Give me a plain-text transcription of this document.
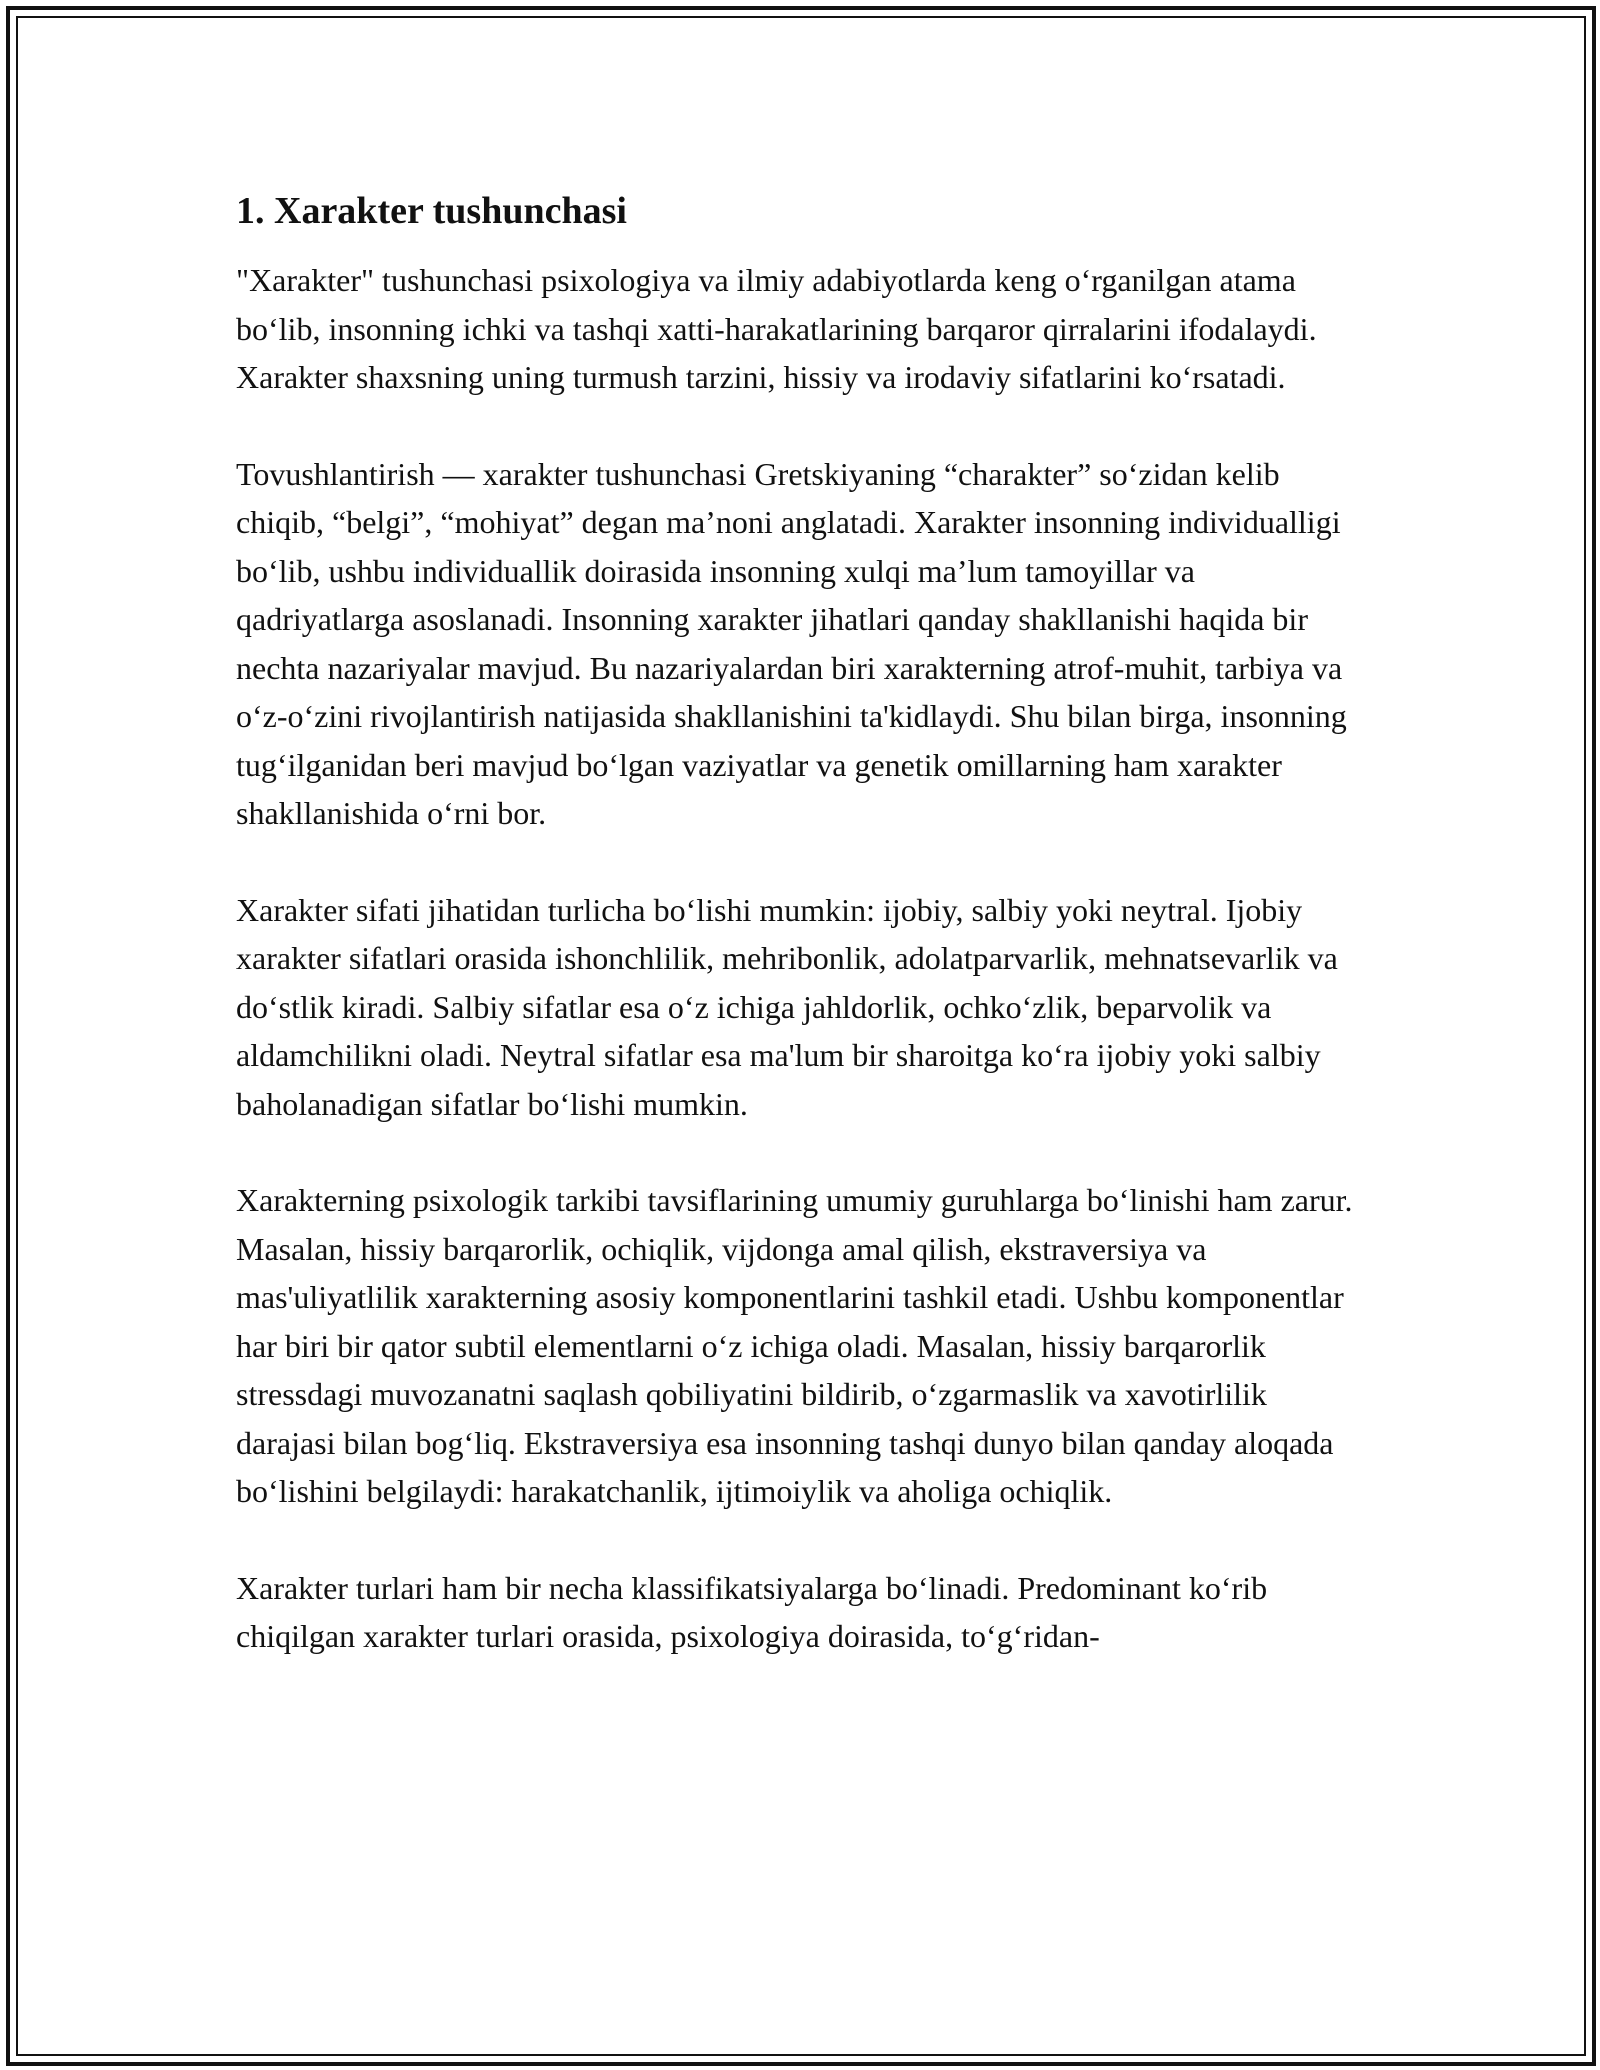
1. Xarakter tushunchasi

"Xarakter" tushunchasi psixologiya va ilmiy adabiyotlarda keng oʻrganilgan atama boʻlib, insonning ichki va tashqi xatti-harakatlarining barqaror qirralarini ifodalaydi. Xarakter shaxsning uning turmush tarzini, hissiy va irodaviy sifatlarini koʻrsatadi.

Tovushlantirish — xarakter tushunchasi Gretskiyaning “charakter” soʻzidan kelib chiqib, “belgi”, “mohiyat” degan maʼnoni anglatadi. Xarakter insonning individualligi boʻlib, ushbu individuallik doirasida insonning xulqi maʼlum tamoyillar va qadriyatlarga asoslanadi. Insonning xarakter jihatlari qanday shakllanishi haqida bir nechta nazariyalar mavjud. Bu nazariyalardan biri xarakterning atrof-muhit, tarbiya va oʻz-oʻzini rivojlantirish natijasida shakllanishini ta'kidlaydi. Shu bilan birga, insonning tugʻilganidan beri mavjud boʻlgan vaziyatlar va genetik omillarning ham xarakter shakllanishida oʻrni bor.

Xarakter sifati jihatidan turlicha boʻlishi mumkin: ijobiy, salbiy yoki neytral. Ijobiy xarakter sifatlari orasida ishonchlilik, mehribonlik, adolatparvarlik, mehnatsevarlik va doʻstlik kiradi. Salbiy sifatlar esa oʻz ichiga jahldorlik, ochkoʻzlik, beparvolik va aldamchilikni oladi. Neytral sifatlar esa ma'lum bir sharoitga koʻra ijobiy yoki salbiy baholanadigan sifatlar boʻlishi mumkin.

Xarakterning psixologik tarkibi tavsiflarining umumiy guruhlarga boʻlinishi ham zarur. Masalan, hissiy barqarorlik, ochiqlik, vijdonga amal qilish, ekstraversiya va mas'uliyatlilik xarakterning asosiy komponentlarini tashkil etadi. Ushbu komponentlar har biri bir qator subtil elementlarni oʻz ichiga oladi. Masalan, hissiy barqarorlik stressdagi muvozanatni saqlash qobiliyatini bildirib, oʻzgarmaslik va xavotirlilik darajasi bilan bogʻliq. Ekstraversiya esa insonning tashqi dunyo bilan qanday aloqada boʻlishini belgilaydi: harakatchanlik, ijtimoiylik va aholiga ochiqlik.

Xarakter turlari ham bir necha klassifikatsiyalarga boʻlinadi. Predominant koʻrib chiqilgan xarakter turlari orasida, psixologiya doirasida, toʻgʻridan-
